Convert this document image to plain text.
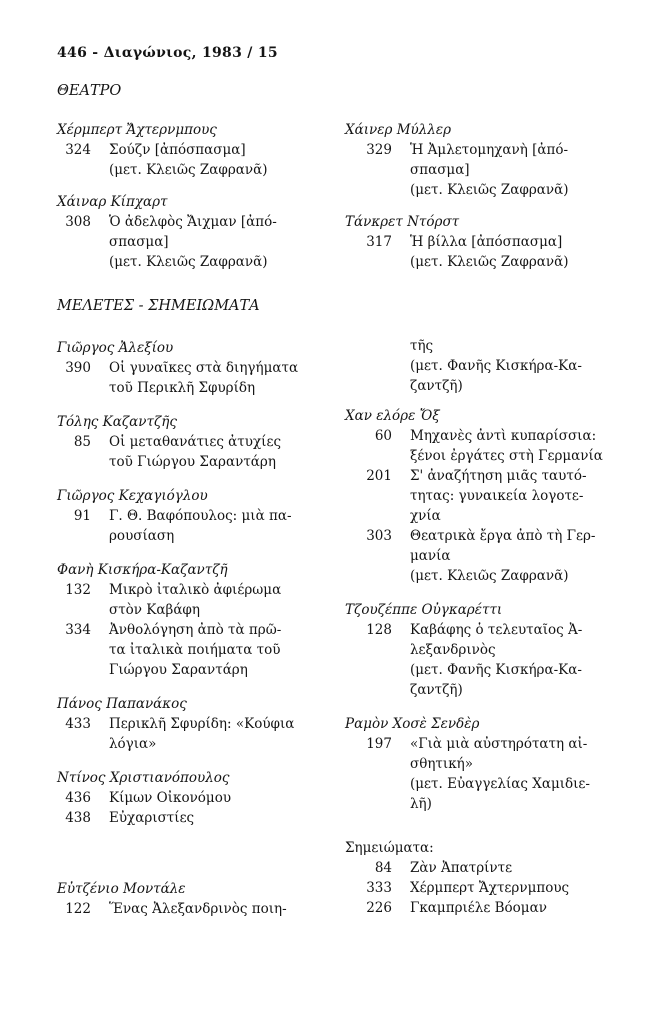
446 - Διαγώνιος, 1983 / 15
ΘΕΑΤΡΟ
ΜΕΛΕΤΕΣ - ΣΗΜΕΙΩΜΑΤΑ
Χέρμπερτ Ἄχτερνμπους
324	Σούζν [ἀπόσπασμα]
(μετ. Κλειῶς Ζαφρανᾶ)
Χάιναρ Κίπχαρτ
308	Ὁ ἀδελφὸς Ἄιχμαν [ἀπό-
σπασμα]
(μετ. Κλειῶς Ζαφρανᾶ)
Χάινερ Μύλλερ
329	Ἡ Ἀμλετομηχανὴ [ἀπό-
σπασμα]
(μετ. Κλειῶς Ζαφρανᾶ)
Τάνκρετ Ντόρστ
317	Ἡ βίλλα [ἀπόσπασμα]
(μετ. Κλειῶς Ζαφρανᾶ)
Γιῶργος Ἀλεξίου
390	Οἱ γυναῖκες στὰ διηγήματα
τοῦ Περικλῆ Σφυρίδη
Τόλης Καζαντζῆς
85	Οἱ μεταθανάτιες ἀτυχίες
τοῦ Γιώργου Σαραντάρη
Γιῶργος Κεχαγιόγλου
91	Γ. Θ. Βαφόπουλος: μιὰ πα-
ρουσίαση
Φανὴ Κισκήρα-Καζαντζῆ
132	Μικρὸ ἰταλικὸ ἀφιέρωμα
στὸν Καβάφη
334	Ἀνθολόγηση ἀπὸ τὰ πρῶ-
τα ἰταλικὰ ποιήματα τοῦ
Γιώργου Σαραντάρη
Πάνος Παπανάκος
433	Περικλῆ Σφυρίδη: «Κούφια
λόγια»
Ντίνος Χριστιανόπουλος
436	Κίμων Οἰκονόμου
438	Εὐχαριστίες
Εὐτζένιο Μοντάλε
122	Ἕνας Ἀλεξανδρινὸς ποιη-
τῆς
(μετ. Φανῆς Κισκήρα-Κα-
ζαντζῆ)
Χαν ελόρε Ὄξ
60	Μηχανὲς ἀντὶ κυπαρίσσια:
ξένοι ἐργάτες στὴ Γερμανία
201	Σ' ἀναζήτηση μιᾶς ταυτό-
τητας: γυναικεία λογοτε-
χνία
303	Θεατρικὰ ἔργα ἀπὸ τὴ Γερ-
μανία
(μετ. Κλειῶς Ζαφρανᾶ)
Τζουζέππε Οὐγκαρέττι
128	Καβάφης ὁ τελευταῖος Ἀ-
λεξανδρινὸς
(μετ. Φανῆς Κισκήρα-Κα-
ζαντζῆ)
Ραμὸν Χοσὲ Σενδὲρ
197	«Γιὰ μιὰ αὐστηρότατη αἰ-
σθητική»
(μετ. Εὐαγγελίας Χαμιδιε-
λῆ)
Σημειώματα:
84	Ζὰν Ἀπατρίντε
333	Χέρμπερτ Ἄχτερνμπους
226	Γκαμπριέλε Βόομαν
